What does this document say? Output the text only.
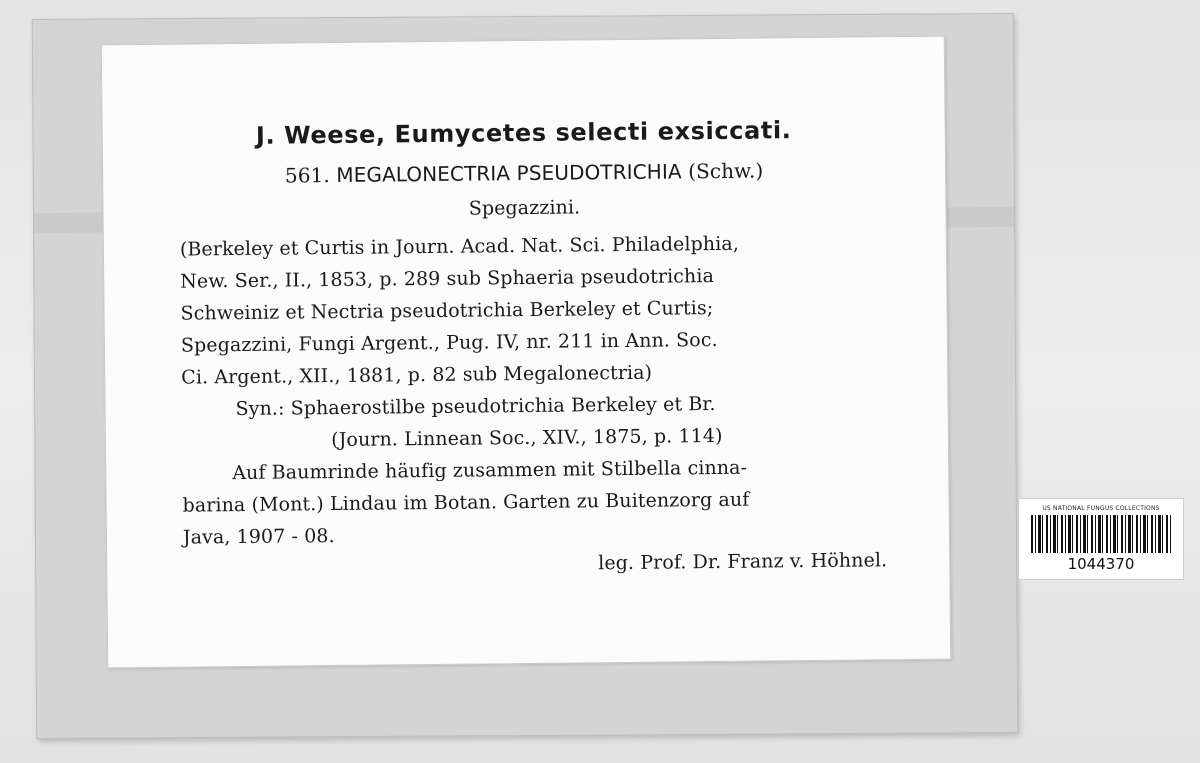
J. Weese, Eumycetes selecti exsiccati.
561. MEGALONECTRIA PSEUDOTRICHIA (Schw.)
Spegazzini.
(Berkeley et Curtis in Journ. Acad. Nat. Sci. Philadelphia,
New. Ser., II., 1853, p. 289 sub Sphaeria pseudotrichia
Schweiniz et Nectria pseudotrichia Berkeley et Curtis;
Spegazzini, Fungi Argent., Pug. IV, nr. 211 in Ann. Soc.
Ci. Argent., XII., 1881, p. 82 sub Megalonectria)
Syn.: Sphaerostilbe pseudotrichia Berkeley et Br.
(Journ. Linnean Soc., XIV., 1875, p. 114)
Auf Baumrinde häufig zusammen mit Stilbella cinna-
barina (Mont.) Lindau im Botan. Garten zu Buitenzorg auf
Java, 1907 - 08.
leg. Prof. Dr. Franz v. Höhnel.
US NATIONAL FUNGUS COLLECTIONS
1044370
